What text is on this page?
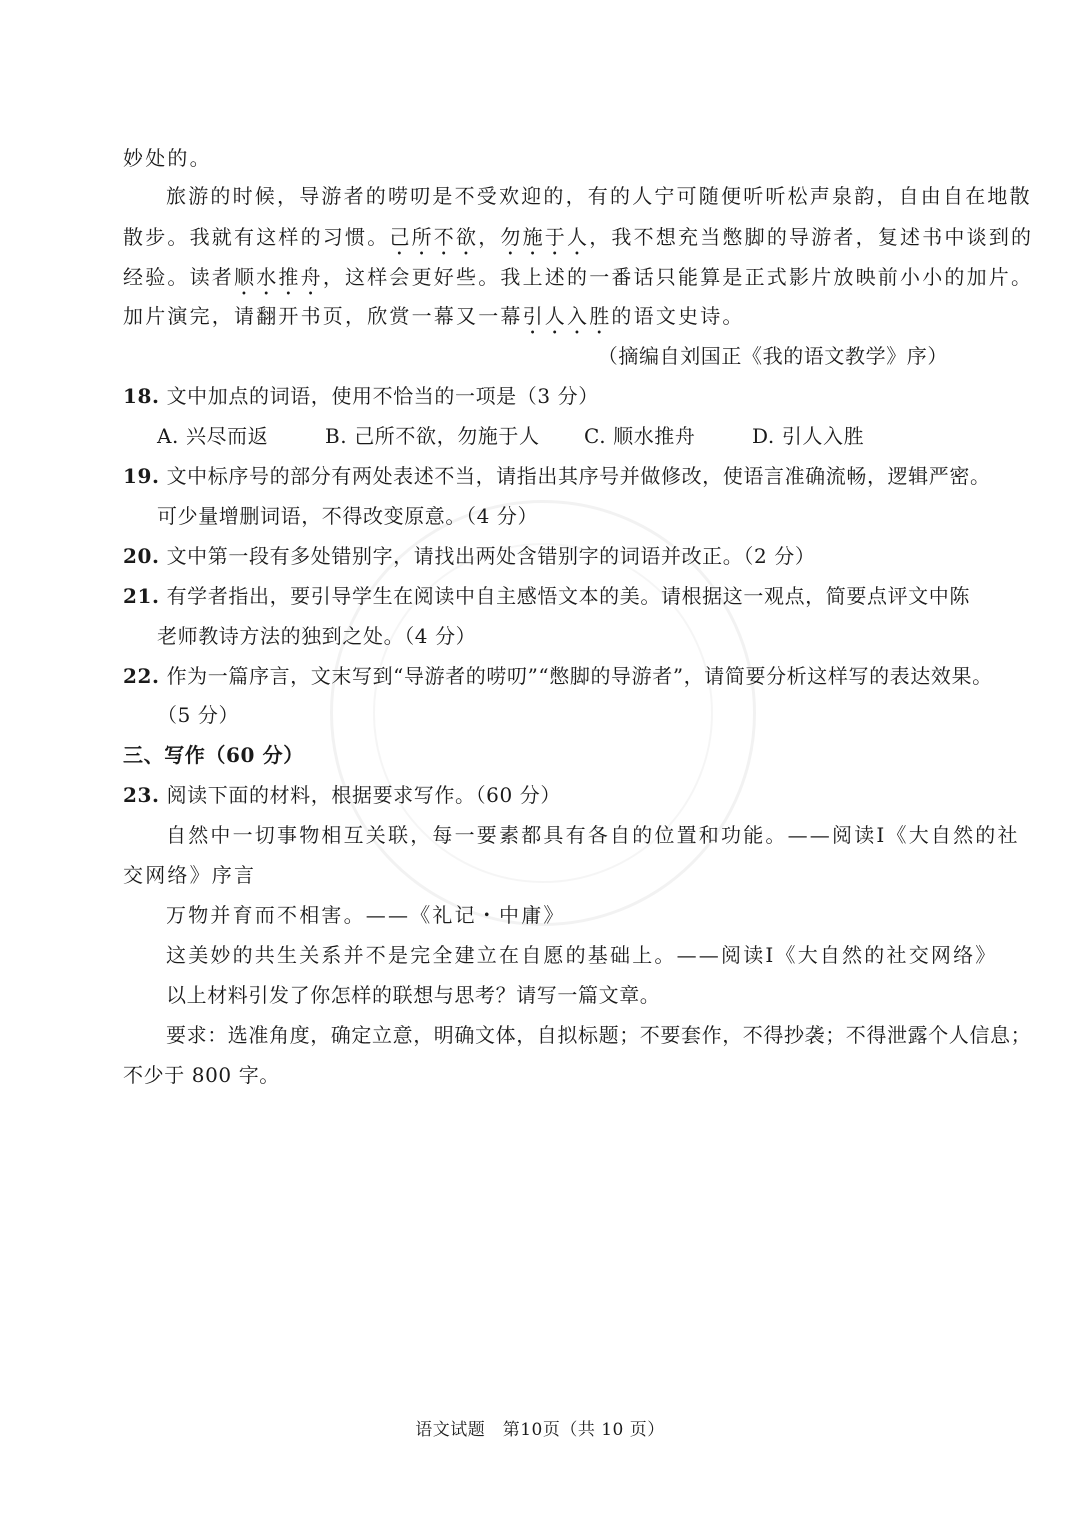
妙处的。
旅游的时候，导游者的唠叨是不受欢迎的，有的人宁可随便听听松声泉韵，自由自在地散
散步。我就有这样的习惯。己所不欲，勿施于人，我不想充当憋脚的导游者，复述书中谈到的
经验。读者顺水推舟，这样会更好些。我上述的一番话只能算是正式影片放映前小小的加片。
加片演完，请翻开书页，欣赏一幕又一幕引人入胜的语文史诗。
（摘编自刘国正《我的语文教学》序）
18. 文中加点的词语，使用不恰当的一项是（3 分）
A. 兴尽而返	B. 己所不欲，勿施于人 C. 顺水推舟	D. 引人入胜
19. 文中标序号的部分有两处表述不当，请指出其序号并做修改，使语言准确流畅，逻辑严密。
可少量增删词语，不得改变原意。（4 分）
20. 文中第一段有多处错别字，请找出两处含错别字的词语并改正。（2 分）
21. 有学者指出，要引导学生在阅读中自主感悟文本的美。请根据这一观点，简要点评文中陈
老师教诗方法的独到之处。（4 分）
22. 作为一篇序言，文末写到“导游者的唠叨”“憋脚的导游者”，请简要分析这样写的表达效果。
（5 分）
三、写作（60 分）
23. 阅读下面的材料，根据要求写作。（60 分）
自然中一切事物相互关联，每一要素都具有各自的位置和功能。——阅读Ⅰ《大自然的社
交网络》序言
万物并育而不相害。——《礼记・中庸》
这美妙的共生关系并不是完全建立在自愿的基础上。——阅读Ⅰ《大自然的社交网络》
以上材料引发了你怎样的联想与思考？请写一篇文章。
要求：选准角度，确定立意，明确文体，自拟标题；不要套作，不得抄袭；不得泄露个人信息；
不少于 800 字。
语文试题　第10页（共 10 页）
